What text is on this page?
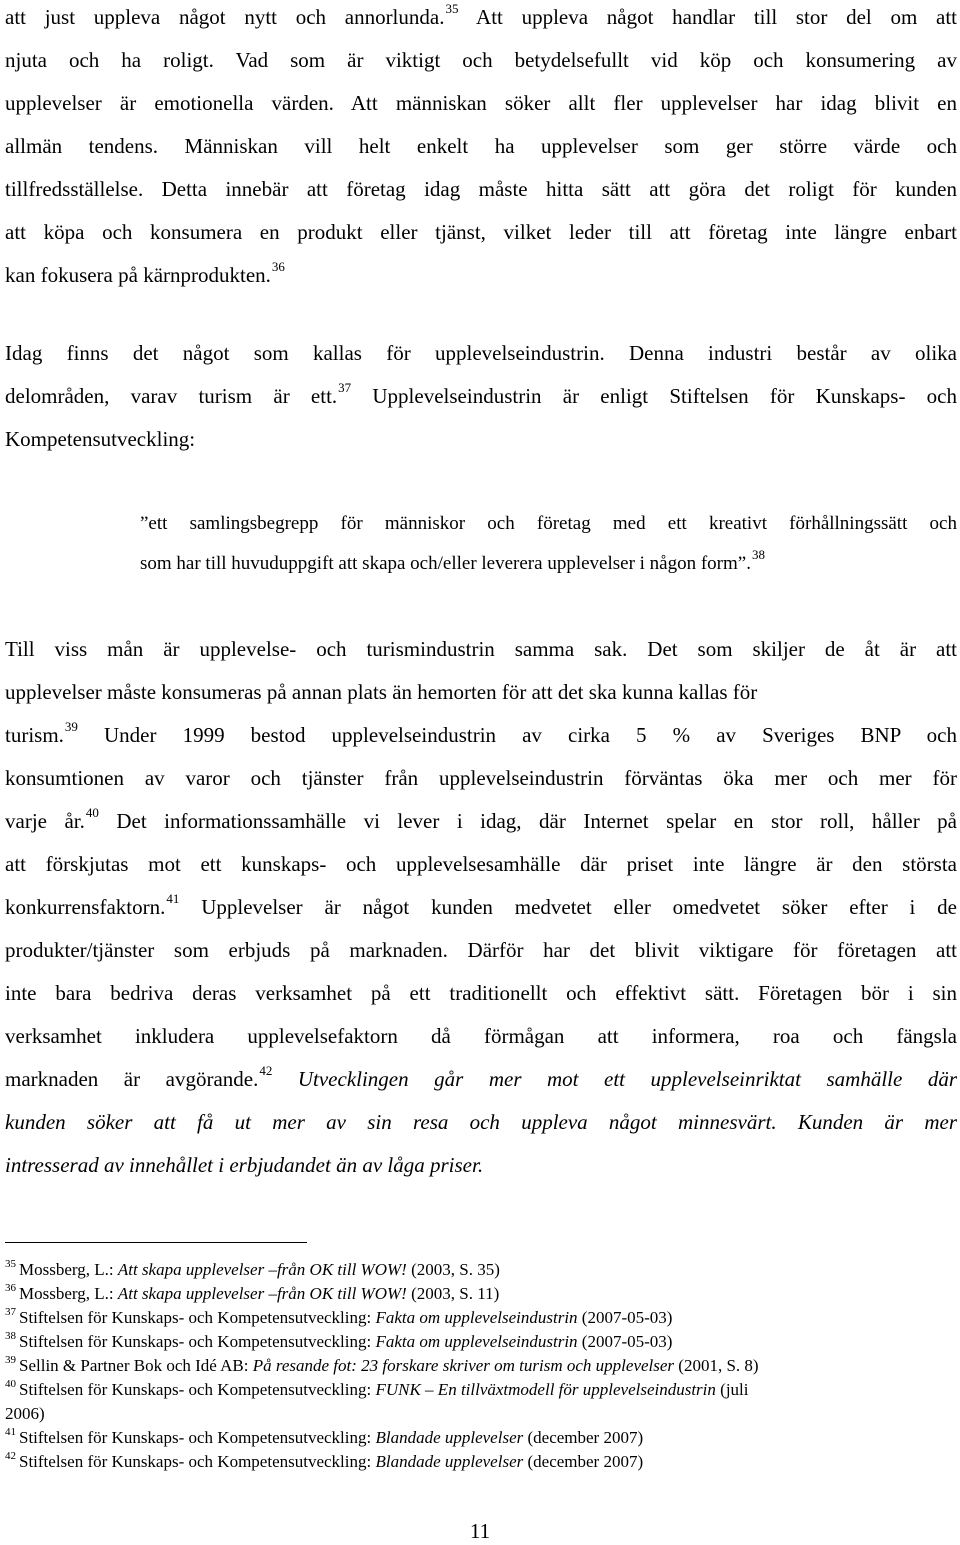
att just uppleva något nytt och annorlunda.$^{35}$ Att uppleva något handlar till stor del om att
njuta och ha roligt. Vad som är viktigt och betydelsefullt vid köp och konsumering av
upplevelser är emotionella värden. Att människan söker allt fler upplevelser har idag blivit en
allmän tendens. Människan vill helt enkelt ha upplevelser som ger större värde och
tillfredsställelse. Detta innebär att företag idag måste hitta sätt att göra det roligt för kunden
att köpa och konsumera en produkt eller tjänst, vilket leder till att företag inte längre enbart
kan fokusera på kärnprodukten.$^{36}$
Idag finns det något som kallas för upplevelseindustrin. Denna industri består av olika
delområden, varav turism är ett.$^{37}$ Upplevelseindustrin är enligt Stiftelsen för Kunskaps- och
Kompetensutveckling:
”ett samlingsbegrepp för människor och företag med ett kreativt förhållningssätt och
som har till huvuduppgift att skapa och/eller leverera upplevelser i någon form”.$^{38}$
Till viss mån är upplevelse- och turismindustrin samma sak. Det som skiljer de åt är att
upplevelser måste konsumeras på annan plats än hemorten för att det ska kunna kallas för
turism.$^{39}$ Under 1999 bestod upplevelseindustrin av cirka 5 % av Sveriges BNP och
konsumtionen av varor och tjänster från upplevelseindustrin förväntas öka mer och mer för
varje år.$^{40}$ Det informationssamhälle vi lever i idag, där Internet spelar en stor roll, håller på
att förskjutas mot ett kunskaps- och upplevelsesamhälle där priset inte längre är den största
konkurrensfaktorn.$^{41}$ Upplevelser är något kunden medvetet eller omedvetet söker efter i de
produkter/tjänster som erbjuds på marknaden. Därför har det blivit viktigare för företagen att
inte bara bedriva deras verksamhet på ett traditionellt och effektivt sätt. Företagen bör i sin
verksamhet inkludera upplevelsefaktorn då förmågan att informera, roa och fängsla
marknaden är avgörande.$^{42}$ Utvecklingen går mer mot ett upplevelseinriktat samhälle där
kunden söker att få ut mer av sin resa och uppleva något minnesvärt. Kunden är mer
intresserad av innehållet i erbjudandet än av låga priser.
$^{35}$ Mossberg, L.: Att skapa upplevelser –från OK till WOW! (2003, S. 35)
$^{36}$ Mossberg, L.: Att skapa upplevelser –från OK till WOW! (2003, S. 11)
$^{37}$ Stiftelsen för Kunskaps- och Kompetensutveckling: Fakta om upplevelseindustrin (2007-05-03)
$^{38}$ Stiftelsen för Kunskaps- och Kompetensutveckling: Fakta om upplevelseindustrin (2007-05-03)
$^{39}$ Sellin & Partner Bok och Idé AB: På resande fot: 23 forskare skriver om turism och upplevelser (2001, S. 8)
$^{40}$ Stiftelsen för Kunskaps- och Kompetensutveckling: FUNK – En tillväxtmodell för upplevelseindustrin (juli
2006)
$^{41}$ Stiftelsen för Kunskaps- och Kompetensutveckling: Blandade upplevelser (december 2007)
$^{42}$ Stiftelsen för Kunskaps- och Kompetensutveckling: Blandade upplevelser (december 2007)
11
